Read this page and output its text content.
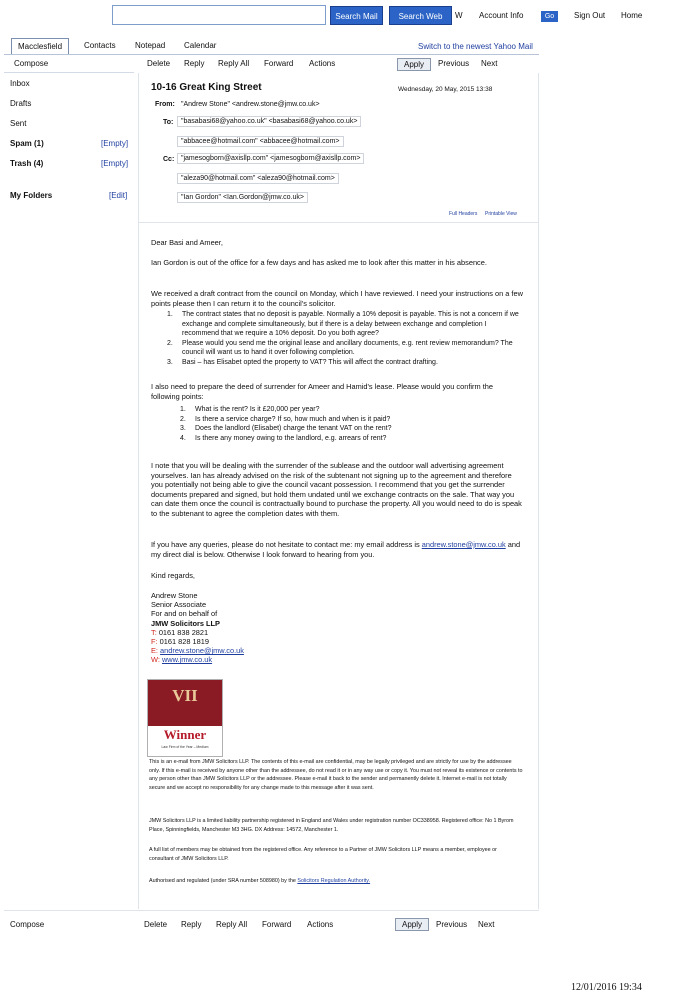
Search Mail	Search Web	W Account Info	Go	Sign Out Home
Macclesfield	Contacts Notepad Calendar	Switch to the newest Yahoo Mail
Compose
Inbox
Drafts
Sent
Spam (1)	[Empty]
Trash (4)	[Empty]
My Folders	[Edit]
Delete Reply Reply All Forward Actions	Apply	Previous Next
10-16 Great King Street	Wednesday, 20 May, 2015 13:38
From: "Andrew Stone" <andrew.stone@jmw.co.uk>
To:	"basabasi68@yahoo.co.uk" <basabasi68@yahoo.co.uk>
"abbacee@hotmail.com" <abbacee@hotmail.com>
Cc: "jamesogborn@axisllp.com" <jamesogborn@axisllp.com>
"aleza90@hotmail.com" <aleza90@hotmail.com>
"Ian Gordon" <Ian.Gordon@jmw.co.uk>
Full Headers Printable View
Dear Basi and Ameer,
Ian Gordon is out of the office for a few days and has asked me to look after this matter in his absence.
We received a draft contract from the council on Monday, which I have reviewed. I need your instructions on a few points please then I can return it to the council's solicitor.
1.	The contract states that no deposit is payable. Normally a 10% deposit is payable. This is not a concern if we exchange and complete simultaneously, but if there is a delay between exchange and completion I recommend that we require a 10% deposit. Do you both agree?
2.	Please would you send me the original lease and ancillary documents, e.g. rent review memorandum? The council will want us to hand it over following completion.
3.	Basi – has Elisabet opted the property to VAT? This will affect the contract drafting.
I also need to prepare the deed of surrender for Ameer and Hamid's lease. Please would you confirm the following points:
1.	What is the rent? Is it £20,000 per year?
2.	Is there a service charge? If so, how much and when is it paid?
3.	Does the landlord (Elisabet) charge the tenant VAT on the rent?
4.	Is there any money owing to the landlord, e.g. arrears of rent?
I note that you will be dealing with the surrender of the sublease and the outdoor wall advertising agreement yourselves. Ian has already advised on the risk of the subtenant not signing up to the agreement and therefore you potentially not being able to give the council vacant possession. I recommend that you get the surrender documents prepared and signed, but hold them undated until we exchange contracts on the sale. That way you can date them once the council is contractually bound to purchase the property. All you would need to do is speak to the subtenant to agree the completion dates with them.
If you have any queries, please do not hesitate to contact me: my email address is andrew.stone@jmw.co.uk and my direct dial is below. Otherwise I look forward to hearing from you.
Kind regards,
Andrew Stone
Senior Associate
For and on behalf of
JMW Solicitors LLP
T: 0161 838 2821
F: 0161 828 1819
E: andrew.stone@jmw.co.uk
W: www.jmw.co.uk
VII
Winner
Law Firm of the Year – Medium
This is an e-mail from JMW Solicitors LLP. The contents of this e-mail are confidential, may be legally privileged and are strictly for use by the addressee only. If this e-mail is received by anyone other than the addressee, do not read it or in any way use or copy it. You must not reveal its existence or contents to any person other than JMW Solicitors LLP or the addressee. Please e-mail it back to the sender and permanently delete it. Internet e-mail is not totally secure and we accept no responsibility for any change made to this message after it was sent.
JMW Solicitors LLP is a limited liability partnership registered in England and Wales under registration number OC338958. Registered office: No 1 Byrom Place, Spinningfields, Manchester M3 3HG. DX Address: 14572, Manchester 1.
A full list of members may be obtained from the registered office. Any reference to a Partner of JMW Solicitors LLP means a member, employee or consultant of JMW Solicitors LLP.
Authorised and regulated (under SRA number 508980) by the Solicitors Regulation Authority.
Compose	Delete Reply Reply All Forward Actions	Apply	Previous Next
12/01/2016 19:34
